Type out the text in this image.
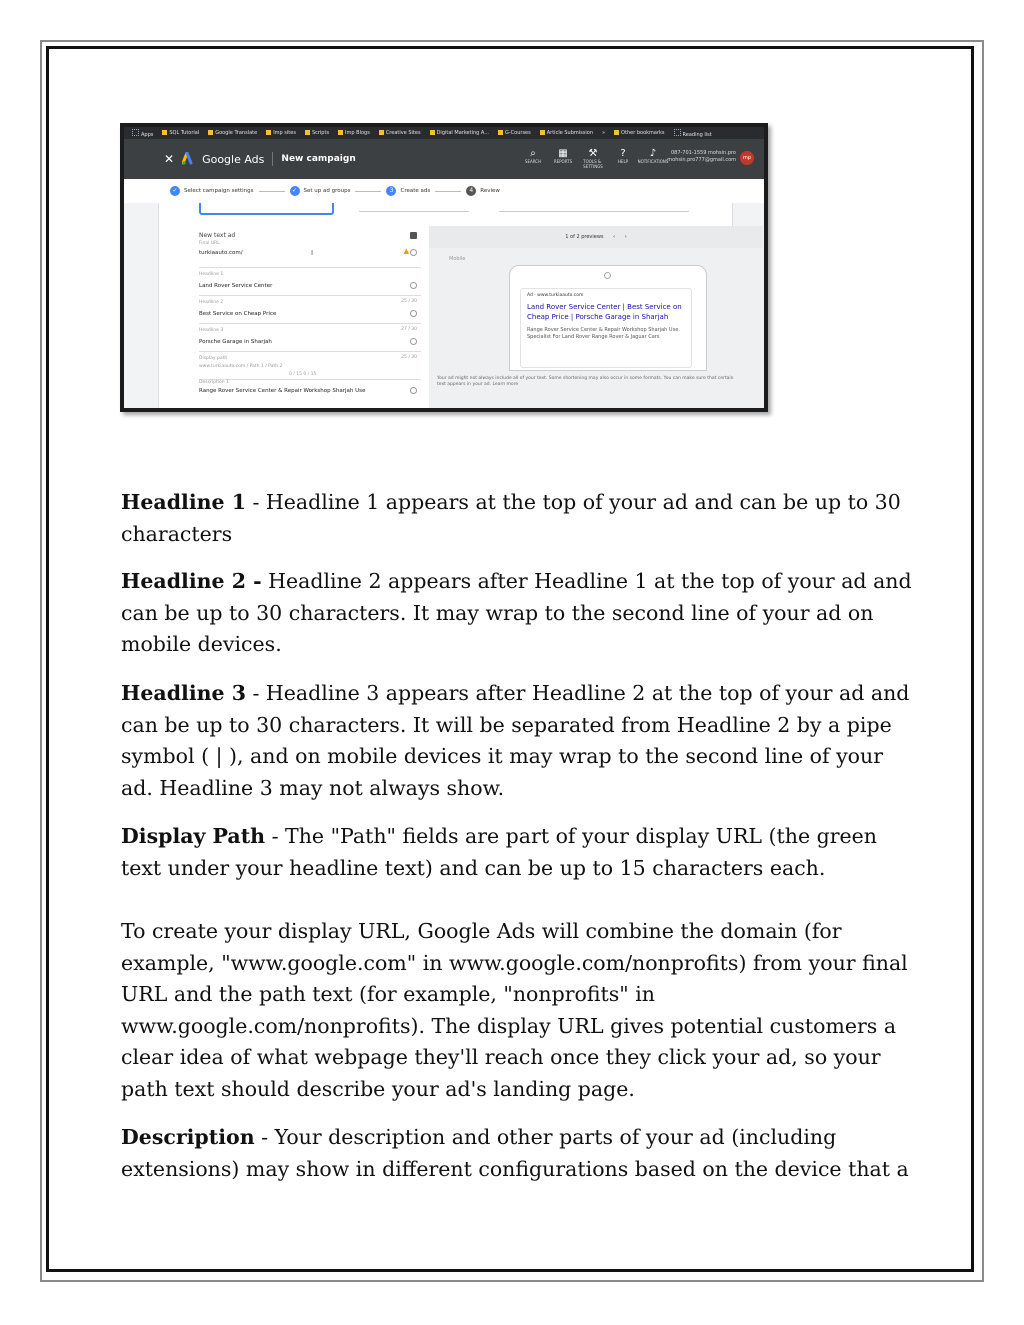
Apps	SQL Tutorial	Google Translate	Imp sites	Scripts	Imp Blogs	Creative Sites	Digital Marketing A...	G-Courses	Article Submission »	Other bookmarks	Reading list
✕	Google Ads New campaign	⌕
SEARCH
▦
REPORTS
⚒
TOOLS & SETTINGS
?
HELP
♪
NOTIFICATIONS
087-701-1559 mohsin.pro
mohsin.pro777@gmail.com	mp
✓	Select campaign settings	✓	Set up ad groups	3	Create ads	4	Review
New text ad
Final URL
turkiaauto.com/	I	▲
Headline 1
Land Rover Service Center
Headline 2	25 / 30
Best Service on Cheap Price
Headline 3	27 / 30
Porsche Garage in Sharjah
Display path	25 / 30
www.turkiaauto.com / Path 1 / Path 2
0 / 15 0 / 15
Description 1
Range Rover Service Center & Repair Workshop Sharjah Use
1 of 2 previews ‹ ›
Mobile
Ad · www.turkiaauto.com
Land Rover Service Center | Best Service on Cheap Price | Porsche Garage in Sharjah
Range Rover Service Center & Repair Workshop Sharjah Use. Specialist For Land Rover Range Rover & Jaguar Cars
Your ad might not always include all of your text. Some shortening may also occur in some formats. You can make sure that certain text appears in your ad. Learn more
Headline 1 - Headline 1 appears at the top of your ad and can be up to 30 characters
Headline 2 - Headline 2 appears after Headline 1 at the top of your ad and can be up to 30 characters. It may wrap to the second line of your ad on mobile devices.
Headline 3 - Headline 3 appears after Headline 2 at the top of your ad and can be up to 30 characters. It will be separated from Headline 2 by a pipe symbol ( | ), and on mobile devices it may wrap to the second line of your ad. Headline 3 may not always show.
Display Path - The "Path" fields are part of your display URL (the green text under your headline text) and can be up to 15 characters each.
To create your display URL, Google Ads will combine the domain (for example, "www.google.com" in www.google.com/nonprofits) from your final URL and the path text (for example, "nonprofits" in www.google.com/nonprofits). The display URL gives potential customers a clear idea of what webpage they'll reach once they click your ad, so your path text should describe your ad's landing page.
Description - Your description and other parts of your ad (including extensions) may show in different configurations based on the device that a
